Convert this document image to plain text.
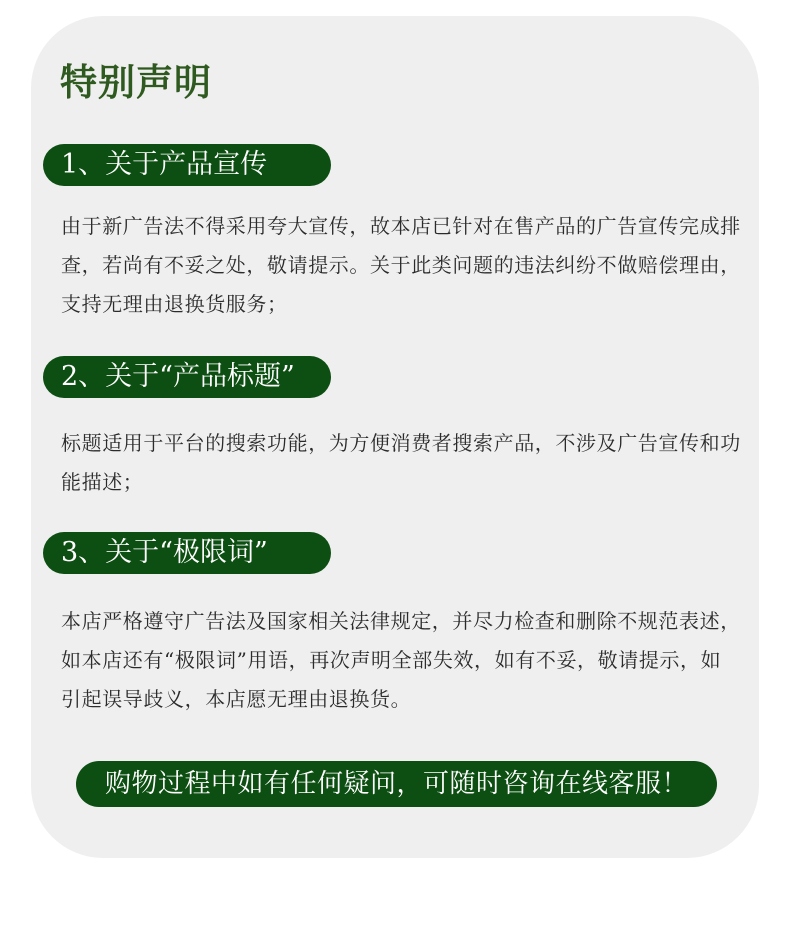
特别声明
1、关于产品宣传

由于新广告法不得采用夸大宣传，故本店已针对在售产品的广告宣传完成排查，若尚有不妥之处，敬请提示。关于此类问题的违法纠纷不做赔偿理由，支持无理由退换货服务；

2、关于“产品标题”

标题适用于平台的搜索功能，为方便消费者搜索产品，不涉及广告宣传和功能描述；

3、关于“极限词”

本店严格遵守广告法及国家相关法律规定，并尽力检查和删除不规范表述，如本店还有“极限词”用语，再次声明全部失效，如有不妥，敬请提示，如引起误导歧义，本店愿无理由退换货。

购物过程中如有任何疑问，可随时咨询在线客服！
